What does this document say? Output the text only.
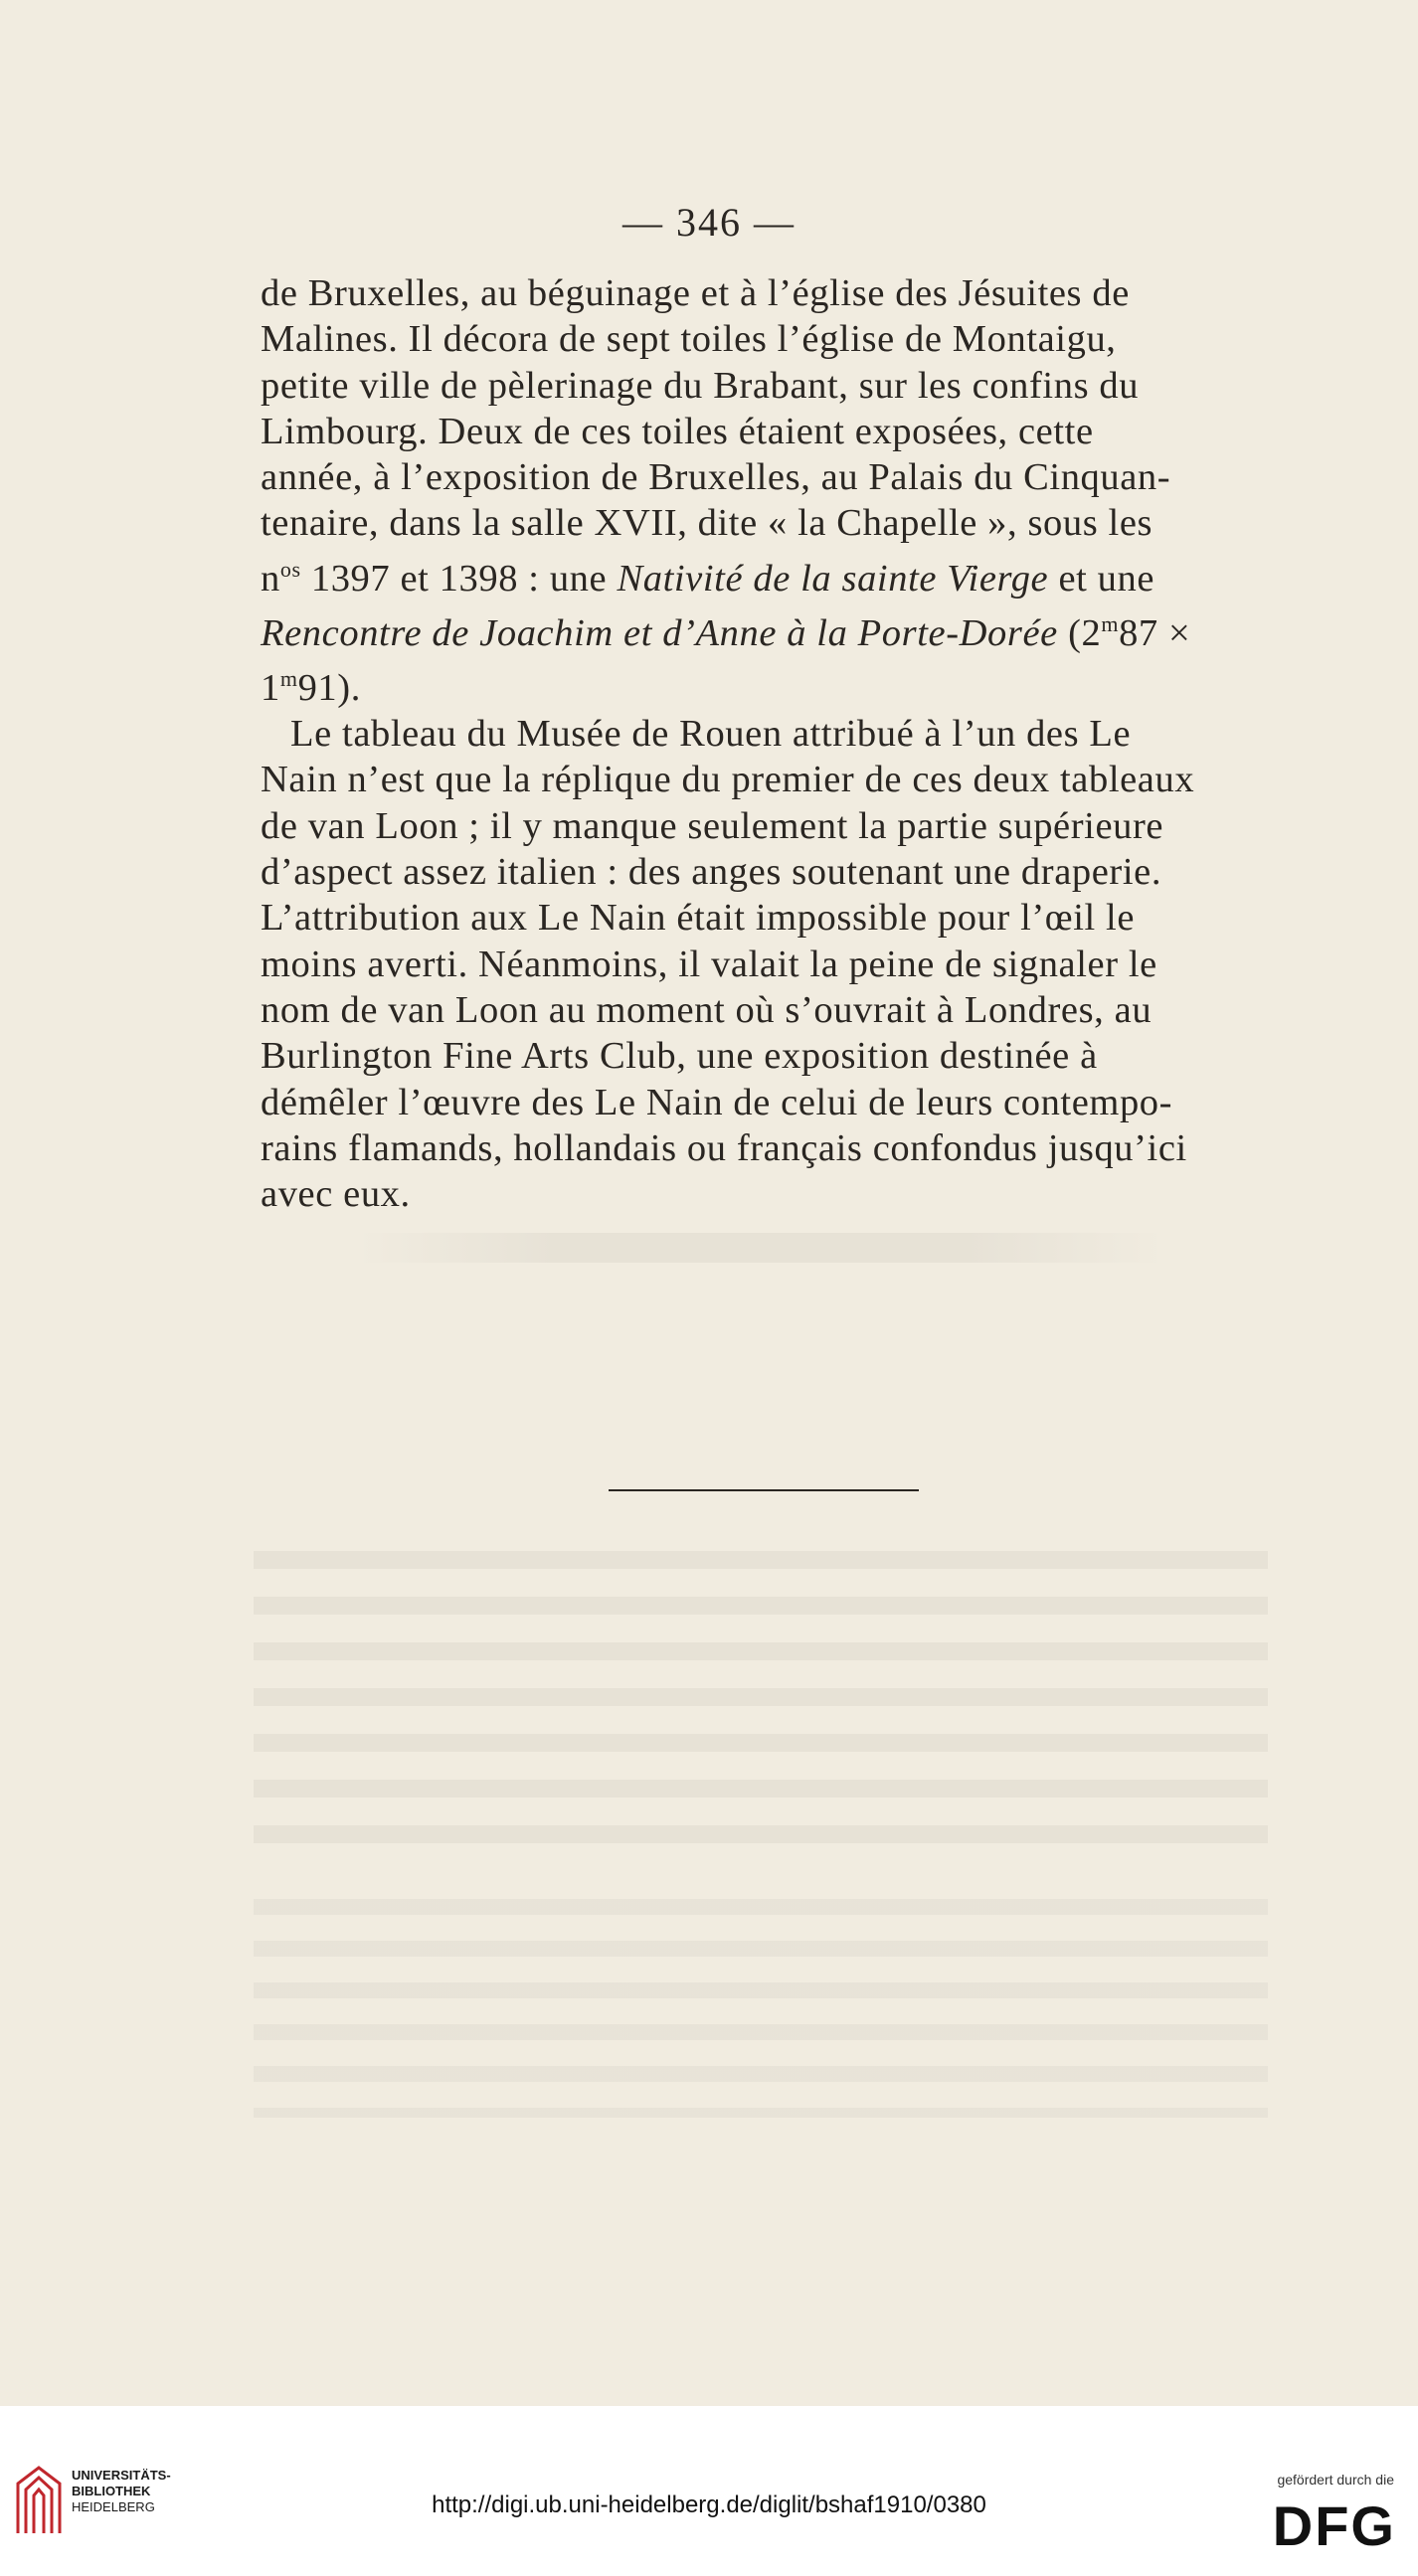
— 346 —

de Bruxelles, au béguinage et à l’église des Jésuites de

Malines. Il décora de sept toiles l’église de Montaigu,

petite ville de pèlerinage du Brabant, sur les confins du

Limbourg. Deux de ces toiles étaient exposées, cette

année, à l’exposition de Bruxelles, au Palais du Cinquan-

tenaire, dans la salle XVII, dite « la Chapelle », sous les

$n^{os}$ 1397 et 1398 : une Nativité de la sainte Vierge et une

Rencontre de Joachim et d’Anne à la Porte-Dorée ($2^m87$ ×

1$^m$91).

Le tableau du Musée de Rouen attribué à l’un des Le

Nain n’est que la réplique du premier de ces deux tableaux

de van Loon ; il y manque seulement la partie supérieure

d’aspect assez italien : des anges soutenant une draperie.

L’attribution aux Le Nain était impossible pour l’œil le

moins averti. Néanmoins, il valait la peine de signaler le

nom de van Loon au moment où s’ouvrait à Londres, au

Burlington Fine Arts Club, une exposition destinée à

démêler l’œuvre des Le Nain de celui de leurs contempo-

rains flamands, hollandais ou français confondus jusqu’ici

avec eux.

UNIVERSITÄTS-
BIBLIOTHEK
HEIDELBERG	http://digi.ub.uni-heidelberg.de/diglit/bshaf1910/0380
gefördert durch die
DFG
